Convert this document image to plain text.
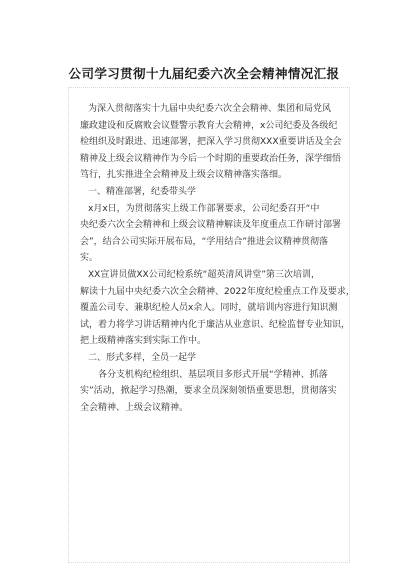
公司学习贯彻十九届纪委六次全会精神情况汇报
为深入贯彻落实十九届中央纪委六次全会精神、集团和局党风
廉政建设和反腐败会议暨警示教育大会精神，x公司纪委及各级纪
检组织及时跟进、迅速部署，把深入学习贯彻XXX重要讲话及全会
精神及上级会议精神作为今后一个时期的重要政治任务，深学细悟
笃行，扎实推进全会精神及上级会议精神落实落细。
一、精准部署，纪委带头学
x月x日，为贯彻落实上级工作部署要求，公司纪委召开“中
央纪委六次全会精神和上级会议精神解读及年度重点工作研讨部署
会”，结合公司实际开展布局，“学用结合”推进会议精神贯彻落
实。
XX宣讲员做XX公司纪检系统“超英清风讲堂”第三次培训，
解读十九届中央纪委六次全会精神、2022年度纪检重点工作及要求，
覆盖公司专、兼职纪检人员x余人。同时，就培训内容进行知识测
试，着力将学习讲话精神内化于廉洁从业意识、纪检监督专业知识，
把上级精神落实到实际工作中。
二、形式多样，全员一起学
各分支机构纪检组织、基层项目多形式开展“学精神、抓落
实”活动，掀起学习热潮，要求全员深刻领悟重要思想，贯彻落实
全会精神、上级会议精神。
